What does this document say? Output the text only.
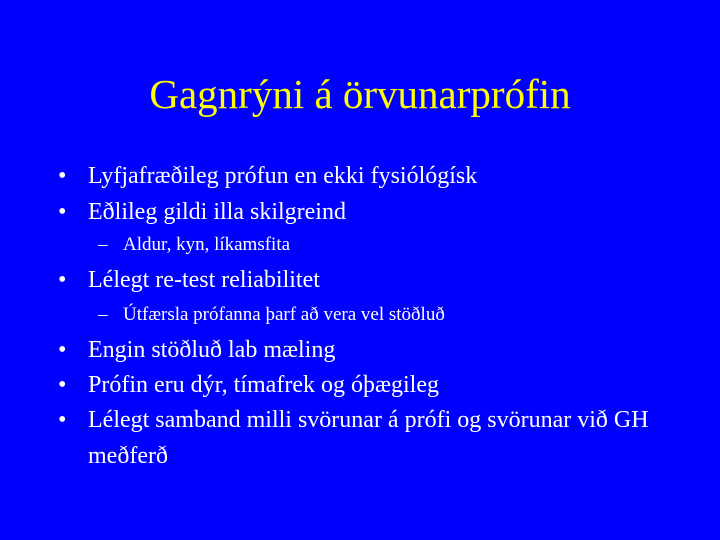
Gagnrýni á örvunarprófin
• Lyfjafræðileg prófun en ekki fysiólógísk
• Eðlileg gildi illa skilgreind
– Aldur, kyn, líkamsfita
• Lélegt re-test reliabilitet
– Útfærsla prófanna þarf að vera vel stöðluð
• Engin stöðluð lab mæling
• Prófin eru dýr, tímafrek og óþægileg
• Lélegt samband milli svörunar á prófi og svörunar við GH meðferð
